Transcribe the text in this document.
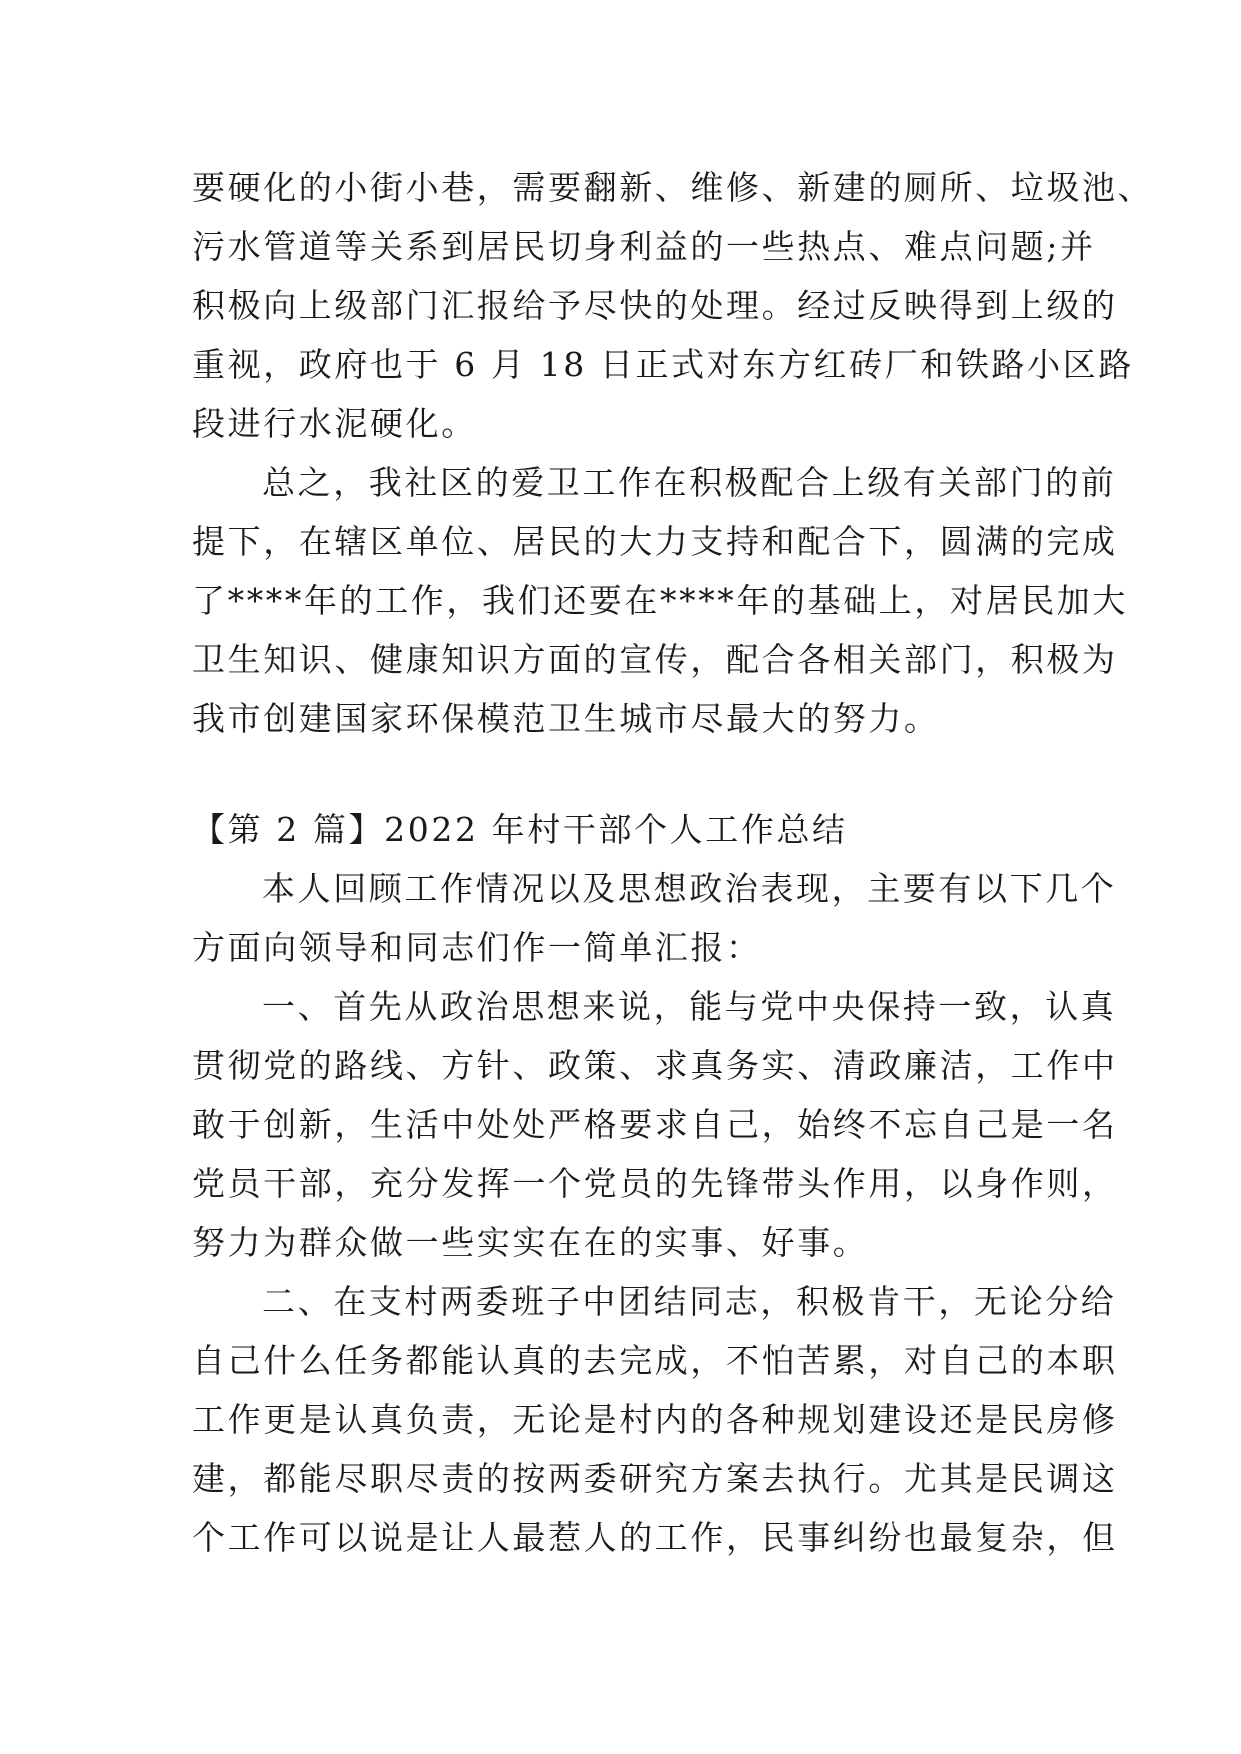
要硬化的小街小巷，需要翻新、维修、新建的厕所、垃圾池、
污水管道等关系到居民切身利益的一些热点、难点问题;并
积极向上级部门汇报给予尽快的处理。经过反映得到上级的
重视，政府也于 6 月 18 日正式对东方红砖厂和铁路小区路
段进行水泥硬化。
总之，我社区的爱卫工作在积极配合上级有关部门的前
提下，在辖区单位、居民的大力支持和配合下，圆满的完成
了****年的工作，我们还要在****年的基础上，对居民加大
卫生知识、健康知识方面的宣传，配合各相关部门，积极为
我市创建国家环保模范卫生城市尽最大的努力。
【第 2 篇】2022 年村干部个人工作总结
本人回顾工作情况以及思想政治表现，主要有以下几个
方面向领导和同志们作一简单汇报：
一、首先从政治思想来说，能与党中央保持一致，认真
贯彻党的路线、方针、政策、求真务实、清政廉洁，工作中
敢于创新，生活中处处严格要求自己，始终不忘自己是一名
党员干部，充分发挥一个党员的先锋带头作用，以身作则，
努力为群众做一些实实在在的实事、好事。
二、在支村两委班子中团结同志，积极肯干，无论分给
自己什么任务都能认真的去完成，不怕苦累，对自己的本职
工作更是认真负责，无论是村内的各种规划建设还是民房修
建，都能尽职尽责的按两委研究方案去执行。尤其是民调这
个工作可以说是让人最惹人的工作，民事纠纷也最复杂，但
